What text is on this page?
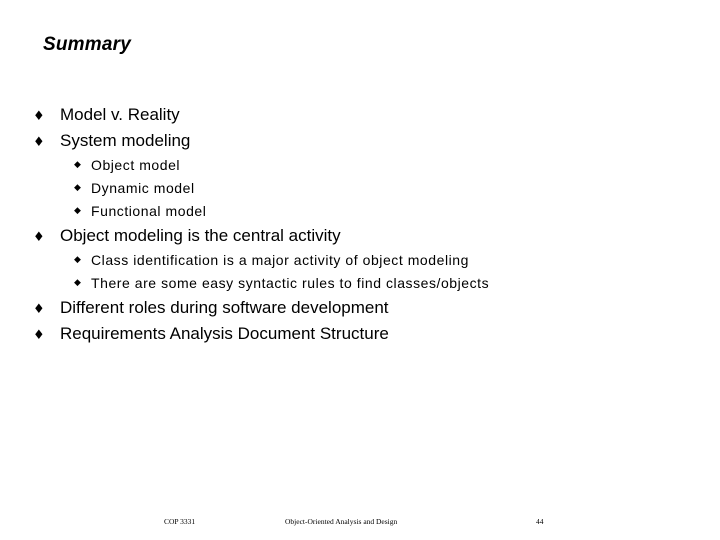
Summary
♦ Model v. Reality
♦ System modeling
◆ Object model
◆ Dynamic model
◆ Functional model
♦ Object modeling is the central activity
◆ Class identification is a major activity of object modeling
◆ There are some easy syntactic rules to find classes/objects
♦ Different roles during software development
♦ Requirements Analysis Document Structure
COP 3331	Object-Oriented Analysis and Design	44
